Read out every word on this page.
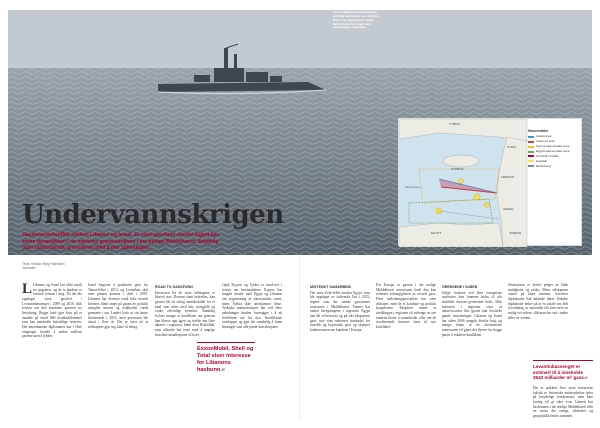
Fra en italiensk marinefartøys patrulje ved kysten av Libanon. Gass- og oljereserver under havbunnen har skapt nye spenninger i regionen.
TYRKIA
SYRIA
KYPROS
LIBANON
ISRAEL
EGYPT	JORDAN
Middelhavet
Havområder
Israels krav
Libanons krav
Kypros økonomiske sone
Egypts økonomiske sone
Omstridt område
Gassfelt
Rørledning
Undervannskrigen
Gassreservekonflikt mellom Libanon og Israel. Et stort gassfunn utenfor Egypt kan endre dynamikken i de maritime grensestridene i det østlige Middelhavet. Samtidig truer rivaliserende grensekrav med å øke spenningen.
Tekst: Kristian Berg Harpviken
Journalist
L Libanon og Israel har aldri avtalt en sjøgrense, og de to landene er formelt fortsatt i krig. Da det ble oppdaget store gassfelt i Levantinbassenget i 2009 og 2010, fikk tvisten om den maritime grensen ny betydning. Begge land gjør krav på et område på rundt 860 kvadratkilometer som kan inneholde betydelige reserver. Det amerikanske diplomatiet har i flere omganger forsøkt å mekle mellom partene uten å lykkes.
Israel begynte å produsere gass fra Tamar-feltet i 2013, og Leviathan skal etter planen komme i drift i 2019. Libanon har derimot ennå ikke utstedt lisenser, blant annet på grunn av politisk uenighet internt og usikkerhet rundt grensene i sør. Landet lyste ut sin første lisensrunde i 2013, men prosessen ble utsatt i flere år. Det er først nå at selskapene gjør seg klare til leting.
ROAD TO GASSFUNN
Interessen fra de store selskapene er likevel stor. Dersom funn bekreftes, kan gassen bli en viktig inntektskilde for et land som sliter med høy statsgjeld og svake offentlige tjenester. Samtidig frykter mange at konflikten om grensen kan blusse opp igjen og trekke inn flere aktører i regionen, blant dem Hizbollah, som allerede har truet med å angripe israelske installasjoner til havs.
Også Kypros og Tyrkia er involvert i tvister om havområdene. Kypros har inngått avtaler med Egypt og Libanon om avgrensning av økonomiske soner, mens Tyrkia ikke anerkjenner disse. Tyrkiske marinefartøyer har ved flere anledninger hindret borerigger i å nå letefeltene sør for øya. Konfliktene overlapper og gjør det vanskelig å finne løsninger som alle parter kan akseptere.
ExxonMobil, Shell og Total viser interesse for Libanons havbunn.«
MISTENKT SAMARBEID
Det store Zohr-feltet utenfor Egypt, som ble oppdaget av italienske Eni i 2015, regnes som det største gassfunnet noensinne i Middelhavet. Funnet har endret beregningene i regionen. Egypt kan bli selvforsynt og på sikt eksportere gass, noe som reduserer markedet for israelsk og kypriotisk gass og skjerper konkurransen om kundene i Europa.
For Europa er gassen i det østlige Middelhavet interessant fordi den kan redusere avhengigheten av russisk gass. Flere rørledningsprosjekter har vært diskutert, men de er kostbare og politisk kompliserte. Eksperter mener at utviklingen i regionen vil avhenge av om landene klarer å samarbeide, eller om de rivaliserende kravene fører til nye konflikter.
GRENSENE I SJØEN
Ifølge forskere ved flere europeiske institutter kan funnene bidra til økt stabilitet dersom gevinstene deles. Men historien i regionen viser at naturressurser like gjerne kan forsterke gamle motsetninger. Libanon og Israel har siden 2006 unngått direkte krig, og mange håper at de økonomiske interessene vil gjøre det dyrere for begge parter å eskalere konflikten.
Situasjonen er derfor preget av både muligheter og risiko. Mens selskapene venter på klare rammer, fortsetter diplomatiet bak lukkede dører. Enkelte diplomater peker på at en avtale om delt forvaltning av omstridte felt kan være en mulig vei videre, slik man har sett i andre deler av verden.
Levantinbassenget er estimert til å inneholde 3542 milliarder m³ gass.«
Det er usikkert hvor store ressursene faktisk er. Seismiske undersøkelser tyder på betydelige forekomster, men bare boring vil gi sikre svar. Uansett har havbunnen i det østlige Middelhavet blitt en arena der energi, sikkerhet og geopolitikk flettes sammen.
